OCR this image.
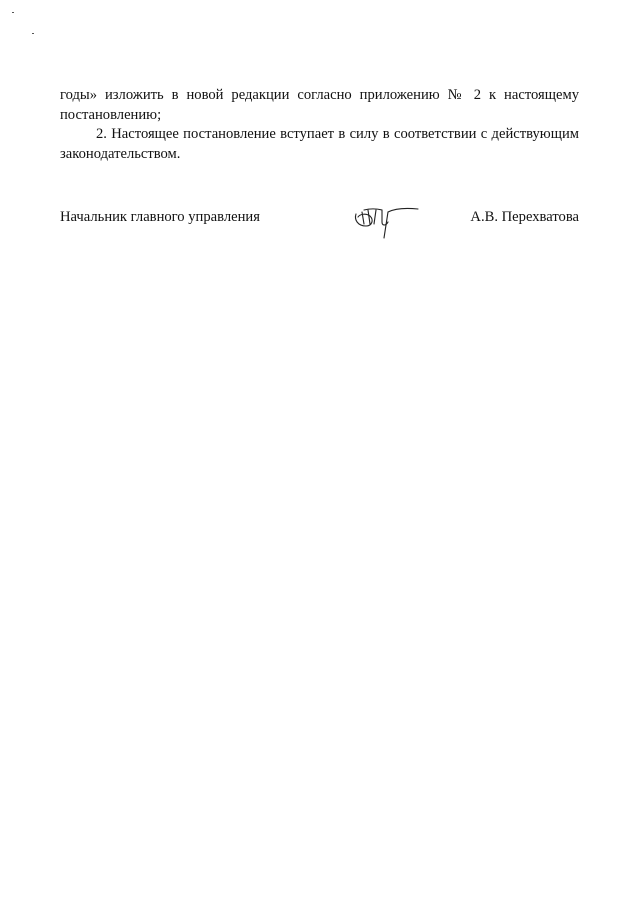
годы» изложить в новой редакции согласно приложению № 2 к настоящему постановлению;

2. Настоящее постановление вступает в силу в соответствии с действующим законодательством.

Начальник главного управления	А.В. Перехватова
